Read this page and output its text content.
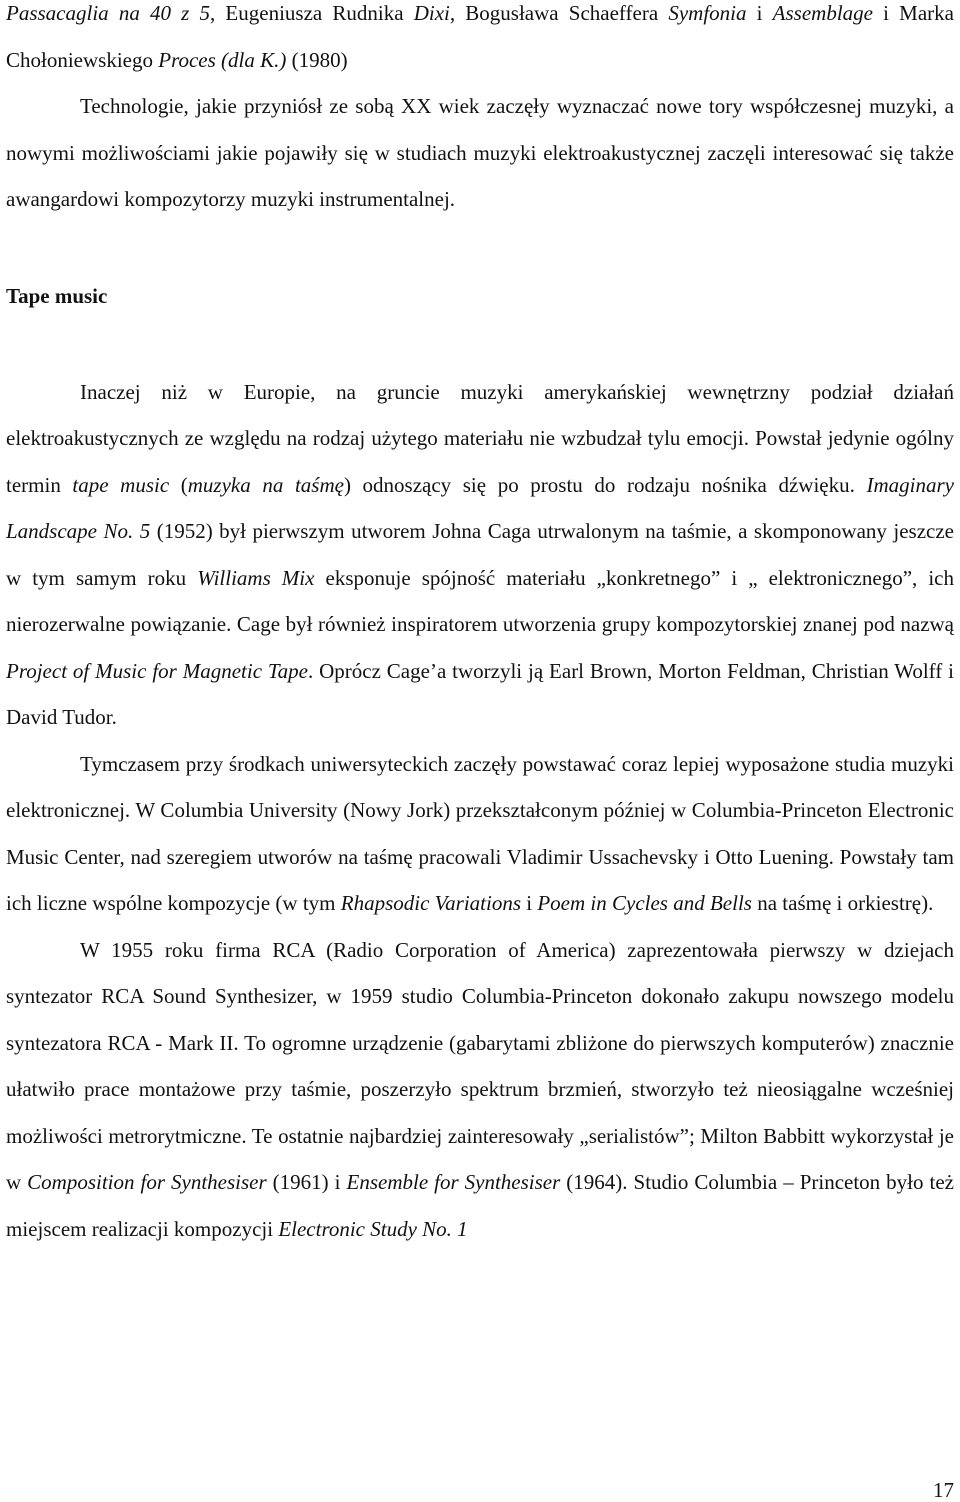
Passacaglia na 40 z 5, Eugeniusza Rudnika Dixi, Bogusława Schaeffera Symfonia i Assemblage i Marka Chołoniewskiego Proces (dla K.) (1980)

Technologie, jakie przyniósł ze sobą XX wiek zaczęły wyznaczać nowe tory współczesnej muzyki, a nowymi możliwościami jakie pojawiły się w studiach muzyki elektroakustycznej zaczęli interesować się także awangardowi kompozytorzy muzyki instrumentalnej.

Tape music

Inaczej niż w Europie, na gruncie muzyki amerykańskiej wewnętrzny podział działań elektroakustycznych ze względu na rodzaj użytego materiału nie wzbudzał tylu emocji. Powstał jedynie ogólny termin tape music (muzyka na taśmę) odnoszący się po prostu do rodzaju nośnika dźwięku. Imaginary Landscape No. 5 (1952) był pierwszym utworem Johna Caga utrwalonym na taśmie, a skomponowany jeszcze w tym samym roku Williams Mix eksponuje spójność materiału „konkretnego” i „ elektronicznego”, ich nierozerwalne powiązanie. Cage był również inspiratorem utworzenia grupy kompozytorskiej znanej pod nazwą Project of Music for Magnetic Tape. Oprócz Cage’a tworzyli ją Earl Brown, Morton Feldman, Christian Wolff i David Tudor.

Tymczasem przy środkach uniwersyteckich zaczęły powstawać coraz lepiej wyposażone studia muzyki elektronicznej. W Columbia University (Nowy Jork) przekształconym później w Columbia-Princeton Electronic Music Center, nad szeregiem utworów na taśmę pracowali Vladimir Ussachevsky i Otto Luening. Powstały tam ich liczne wspólne kompozycje (w tym Rhapsodic Variations i Poem in Cycles and Bells na taśmę i orkiestrę).

W 1955 roku firma RCA (Radio Corporation of America) zaprezentowała pierwszy w dziejach syntezator RCA Sound Synthesizer, w 1959 studio Columbia-Princeton dokonało zakupu nowszego modelu syntezatora RCA - Mark II. To ogromne urządzenie (gabarytami zbliżone do pierwszych komputerów) znacznie ułatwiło prace montażowe przy taśmie, poszerzyło spektrum brzmień, stworzyło też nieosiągalne wcześniej możliwości metrorytmiczne. Te ostatnie najbardziej zainteresowały „serialistów”; Milton Babbitt wykorzystał je w Composition for Synthesiser (1961) i Ensemble for Synthesiser (1964). Studio Columbia – Princeton było też miejscem realizacji kompozycji Electronic Study No. 1

17
